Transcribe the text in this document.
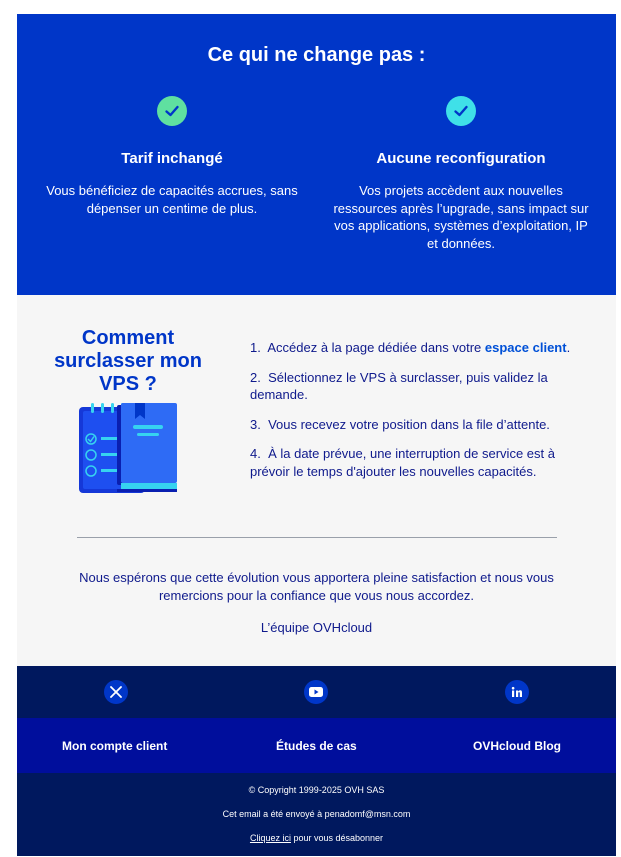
Ce qui ne change pas :
Tarif inchangé

Vous bénéficiez de capacités accrues, sans dépenser un centime de plus.

Aucune reconfiguration

Vos projets accèdent aux nouvelles ressources après l’upgrade, sans impact sur vos applications, systèmes d’exploitation, IP et données.

Comment surclasser mon VPS ?
1. Accédez à la page dédiée dans votre espace client.
2. Sélectionnez le VPS à surclasser, puis validez la demande.
3. Vous recevez votre position dans la file d’attente.
4. À la date prévue, une interruption de service est à prévoir le temps d'ajouter les nouvelles capacités.
Nous espérons que cette évolution vous apportera pleine satisfaction et nous vous remercions pour la confiance que vous nous accordez.
L’équipe OVHcloud
Mon compte client	Études de cas	OVHcloud Blog
© Copyright 1999-2025 OVH SAS
Cet email a été envoyé à penadomf@msn.com
Cliquez ici pour vous désabonner
